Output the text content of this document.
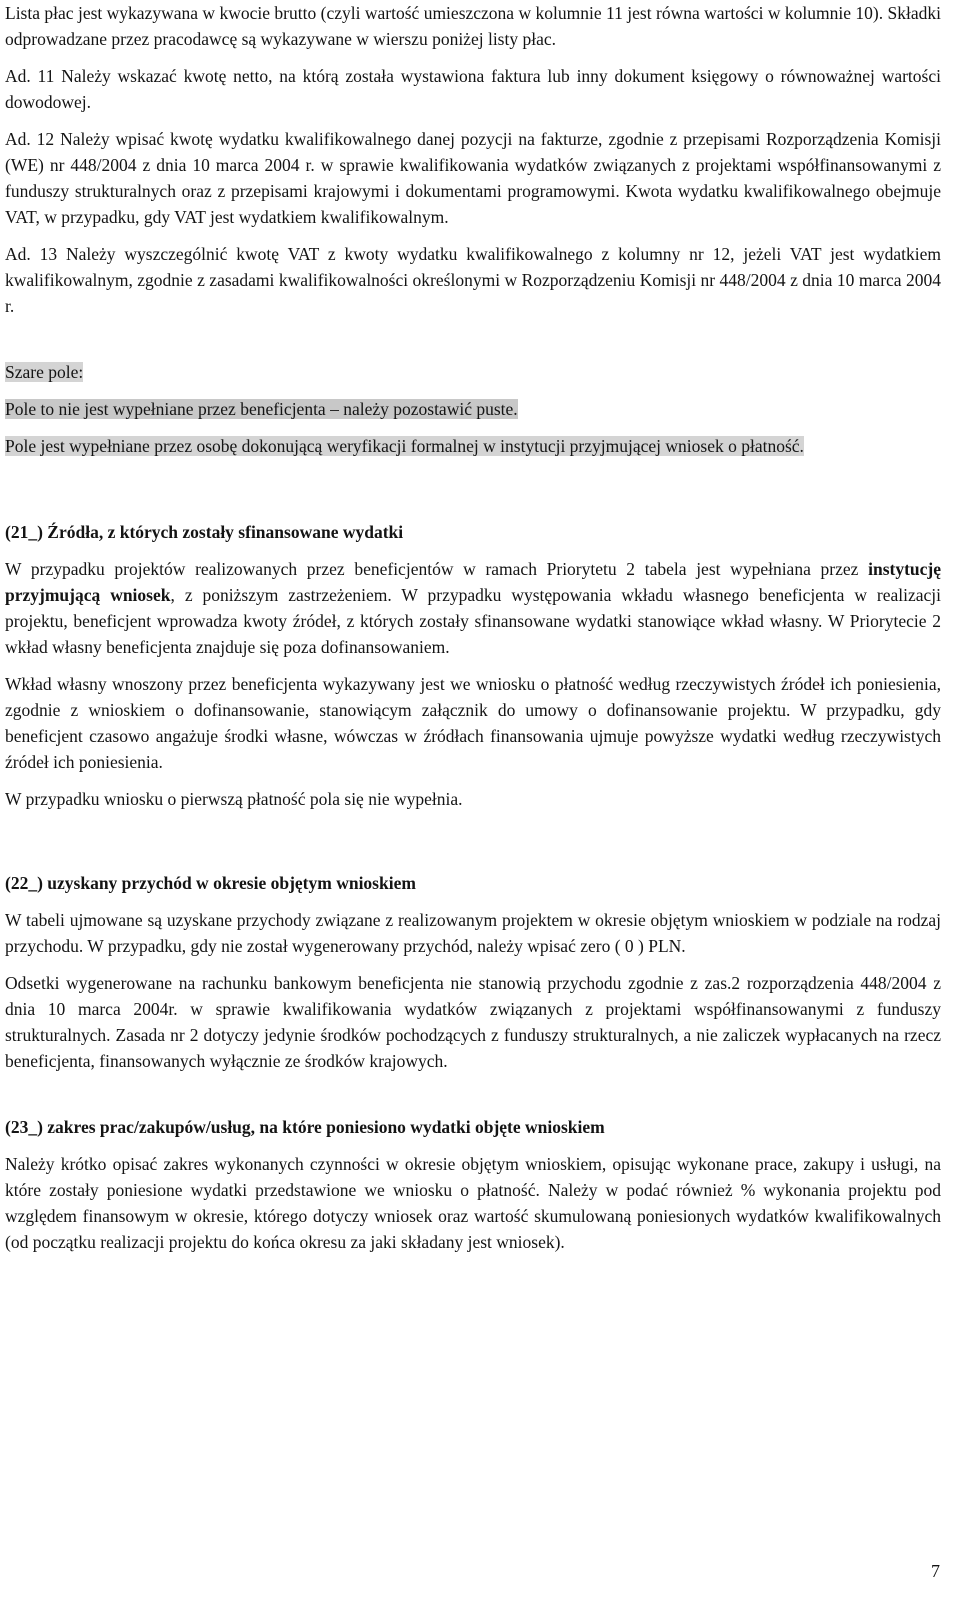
Lista płac jest wykazywana w kwocie brutto (czyli wartość umieszczona w kolumnie 11 jest równa wartości w kolumnie 10). Składki odprowadzane przez pracodawcę są wykazywane w wierszu poniżej listy płac.

Ad. 11 Należy wskazać kwotę netto, na którą została wystawiona faktura lub inny dokument księgowy o równoważnej wartości dowodowej.

Ad. 12 Należy wpisać kwotę wydatku kwalifikowalnego danej pozycji na fakturze, zgodnie z przepisami Rozporządzenia Komisji (WE) nr 448/2004 z dnia 10 marca 2004 r. w sprawie kwalifikowania wydatków związanych z projektami współfinansowanymi z funduszy strukturalnych oraz z przepisami krajowymi i dokumentami programowymi. Kwota wydatku kwalifikowalnego obejmuje VAT, w przypadku, gdy VAT jest wydatkiem kwalifikowalnym.

Ad. 13 Należy wyszczególnić kwotę VAT z kwoty wydatku kwalifikowalnego z kolumny nr 12, jeżeli VAT jest wydatkiem kwalifikowalnym, zgodnie z zasadami kwalifikowalności określonymi w Rozporządzeniu Komisji nr 448/2004 z dnia 10 marca 2004 r.

Szare pole:

Pole to nie jest wypełniane przez beneficjenta – należy pozostawić puste.

Pole jest wypełniane przez osobę dokonującą weryfikacji formalnej w instytucji przyjmującej wniosek o płatność.

(21_) Źródła, z których zostały sfinansowane wydatki

W przypadku projektów realizowanych przez beneficjentów w ramach Priorytetu 2 tabela jest wypełniana przez instytucję przyjmującą wniosek, z poniższym zastrzeżeniem. W przypadku występowania wkładu własnego beneficjenta w realizacji projektu, beneficjent wprowadza kwoty źródeł, z których zostały sfinansowane wydatki stanowiące wkład własny. W Priorytecie 2 wkład własny beneficjenta znajduje się poza dofinansowaniem.

Wkład własny wnoszony przez beneficjenta wykazywany jest we wniosku o płatność według rzeczywistych źródeł ich poniesienia, zgodnie z wnioskiem o dofinansowanie, stanowiącym załącznik do umowy o dofinansowanie projektu. W przypadku, gdy beneficjent czasowo angażuje środki własne, wówczas w źródłach finansowania ujmuje powyższe wydatki według rzeczywistych źródeł ich poniesienia.

W przypadku wniosku o pierwszą płatność pola się nie wypełnia.

(22_) uzyskany przychód w okresie objętym wnioskiem

W tabeli ujmowane są uzyskane przychody związane z realizowanym projektem w okresie objętym wnioskiem w podziale na rodzaj przychodu. W przypadku, gdy nie został wygenerowany przychód, należy wpisać zero ( 0 ) PLN.

Odsetki wygenerowane na rachunku bankowym beneficjenta nie stanowią przychodu zgodnie z zas.2 rozporządzenia 448/2004 z dnia 10 marca 2004r. w sprawie kwalifikowania wydatków związanych z projektami współfinansowanymi z funduszy strukturalnych. Zasada nr 2 dotyczy jedynie środków pochodzących z funduszy strukturalnych, a nie zaliczek wypłacanych na rzecz beneficjenta, finansowanych wyłącznie ze środków krajowych.

(23_) zakres prac/zakupów/usług, na które poniesiono wydatki objęte wnioskiem

Należy krótko opisać zakres wykonanych czynności w okresie objętym wnioskiem, opisując wykonane prace, zakupy i usługi, na które zostały poniesione wydatki przedstawione we wniosku o płatność. Należy w podać również % wykonania projektu pod względem finansowym w okresie, którego dotyczy wniosek oraz wartość skumulowaną poniesionych wydatków kwalifikowalnych (od początku realizacji projektu do końca okresu za jaki składany jest wniosek).

7
